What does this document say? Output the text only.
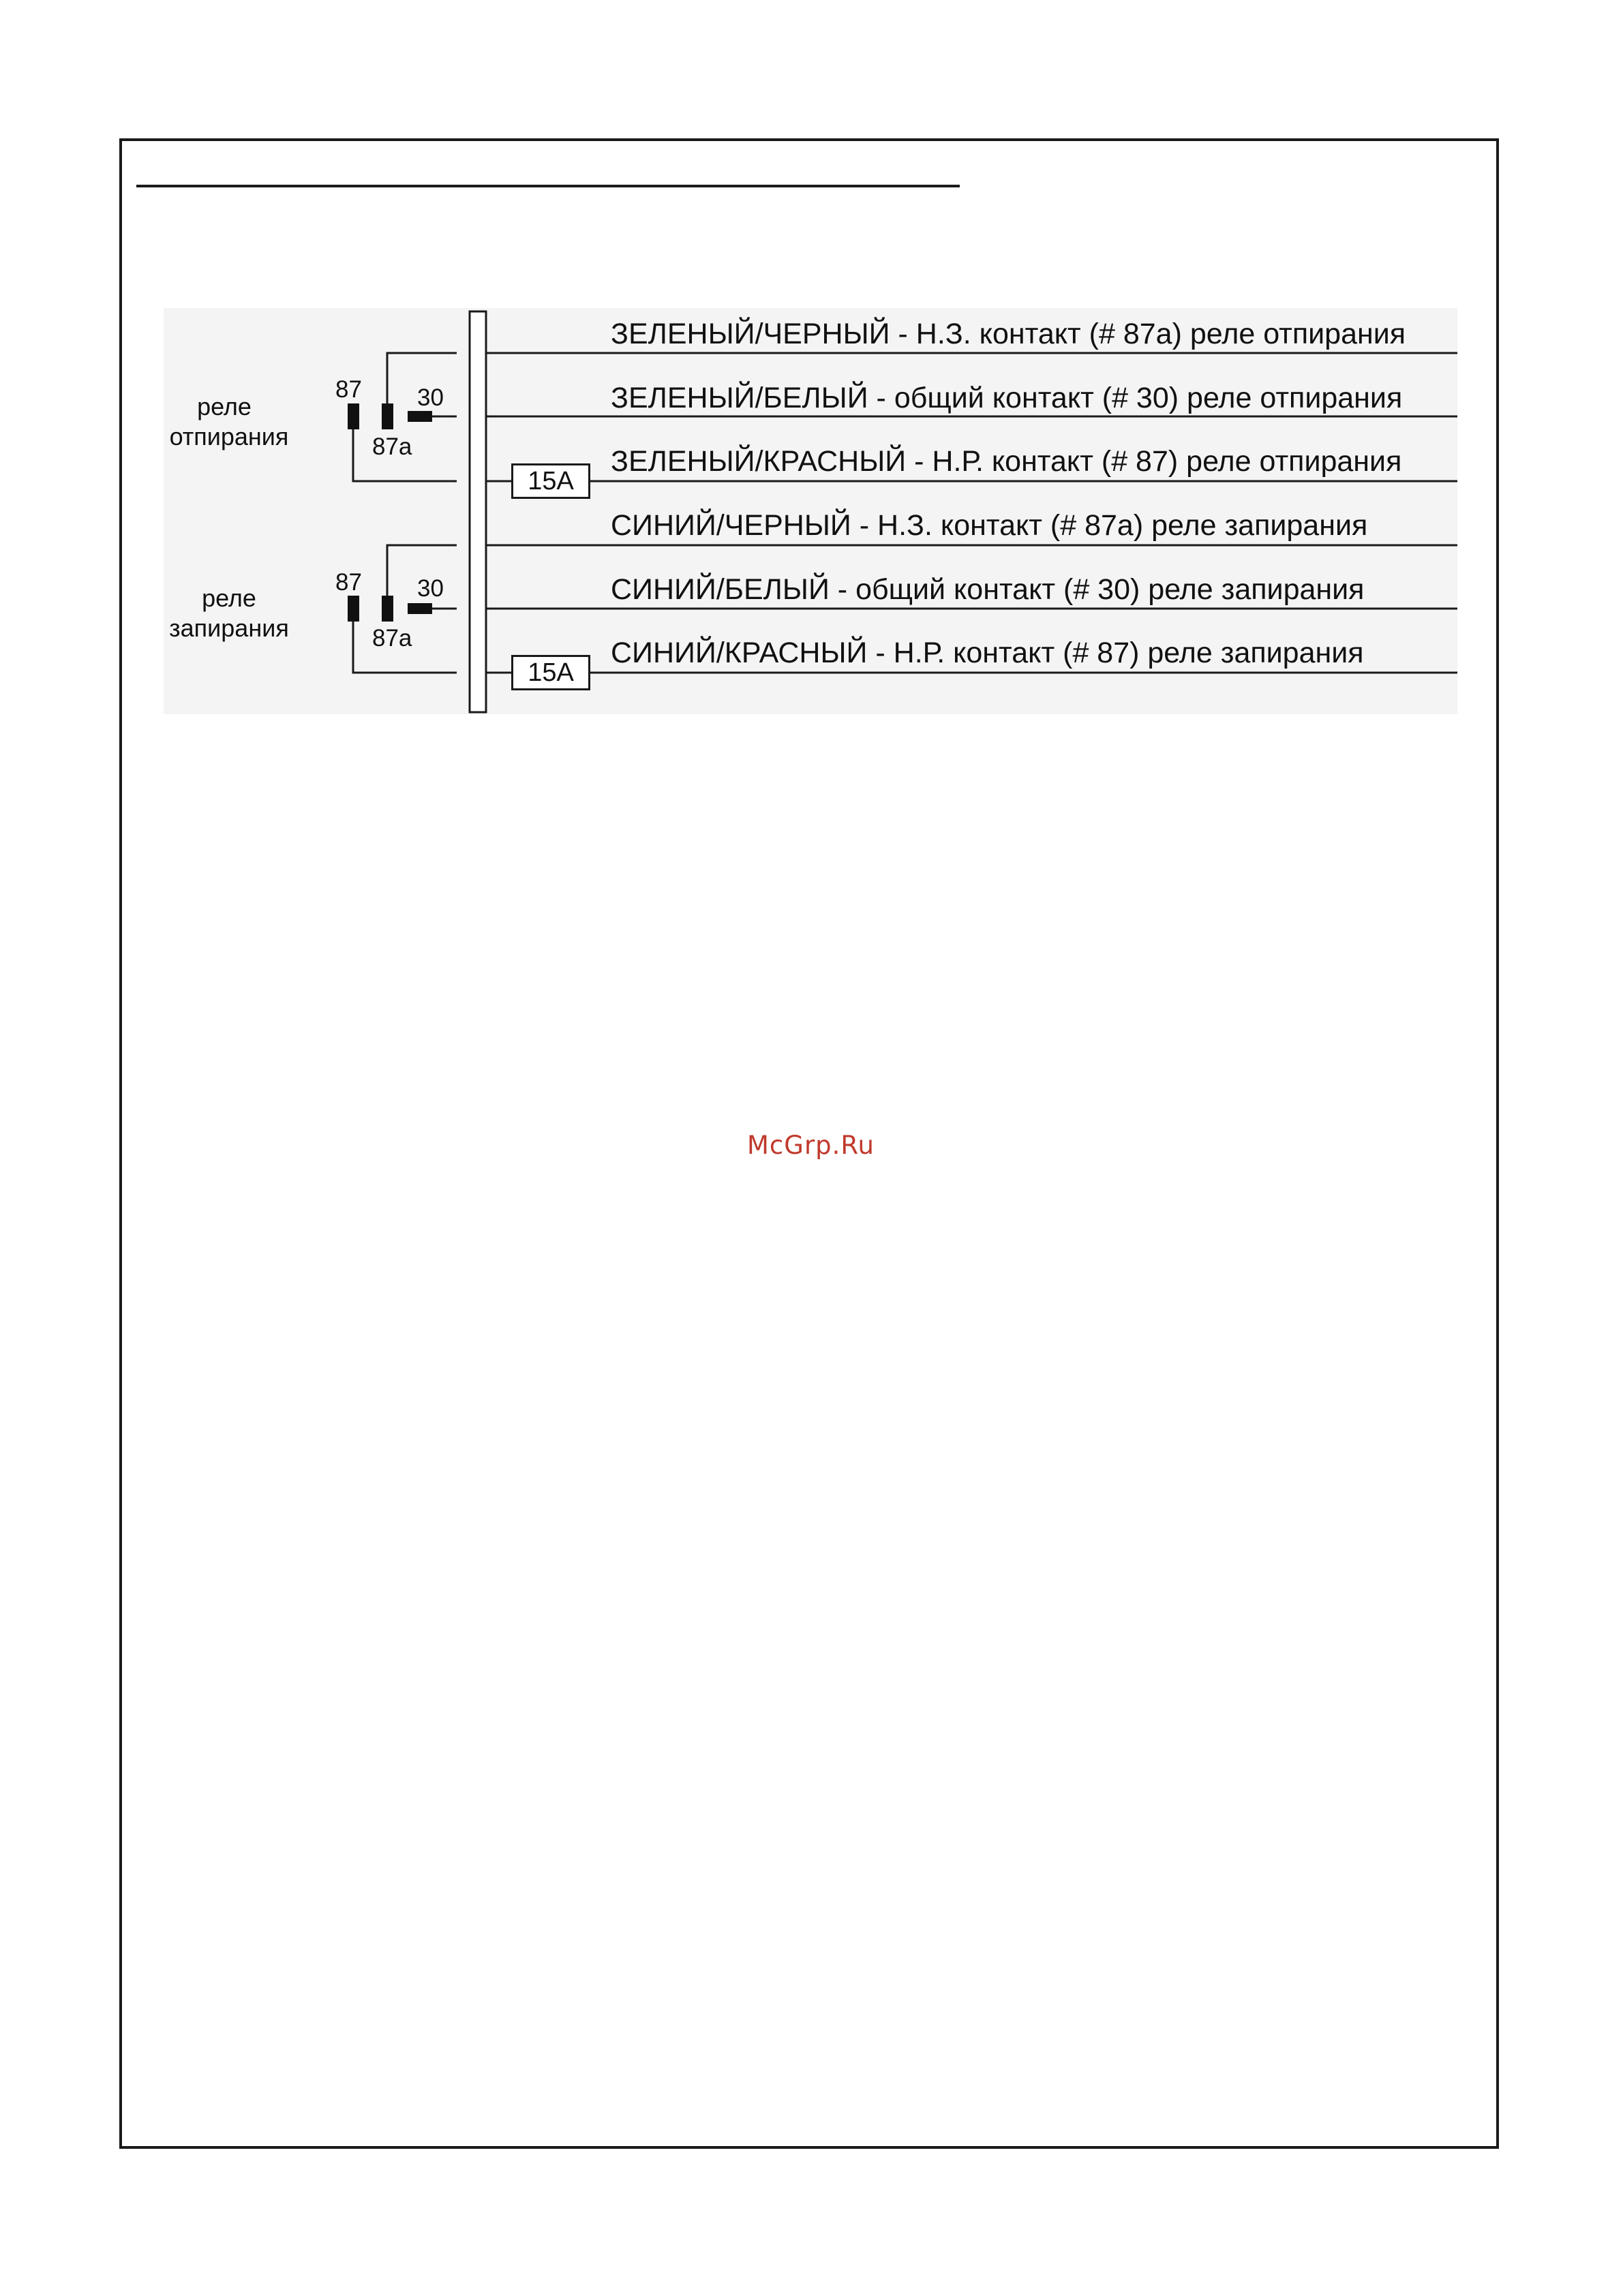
реле
отпирания
реле
запирания
87 30
87a
87 30
87a
15A
15A
ЗЕЛЕНЫЙ/ЧЕРНЫЙ - Н.З. контакт (# 87a) реле отпирания
ЗЕЛЕНЫЙ/БЕЛЫЙ - общий контакт (# 30) реле отпирания
ЗЕЛЕНЫЙ/КРАСНЫЙ - Н.Р. контакт (# 87) реле отпирания
СИНИЙ/ЧЕРНЫЙ - Н.З. контакт (# 87a) реле запирания
СИНИЙ/БЕЛЫЙ - общий контакт (# 30) реле запирания
СИНИЙ/КРАСНЫЙ - Н.Р. контакт (# 87) реле запирания
McGrp.Ru
